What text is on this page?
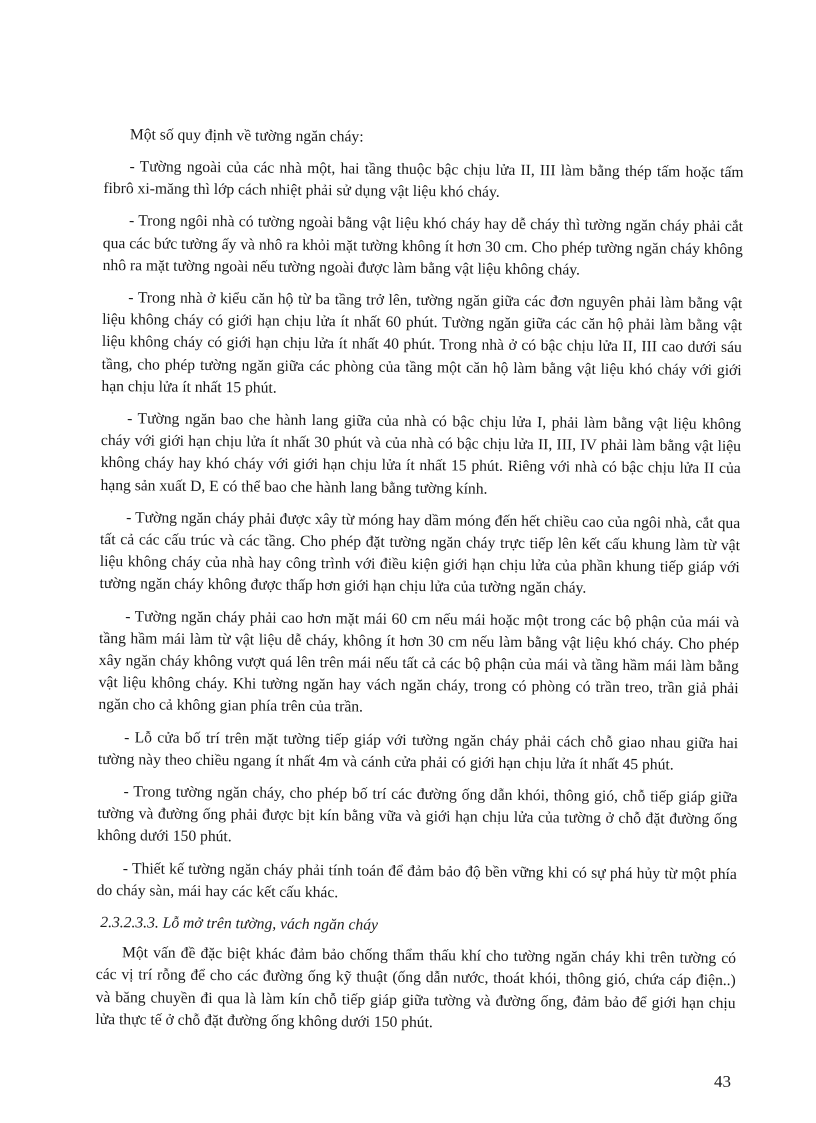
Một số quy định về tường ngăn cháy:

- Tường ngoài của các nhà một, hai tầng thuộc bậc chịu lửa II, III làm bằng thép tấm hoặc tấm fibrô xi-măng thì lớp cách nhiệt phải sử dụng vật liệu khó cháy.

- Trong ngôi nhà có tường ngoài bằng vật liệu khó cháy hay dễ cháy thì tường ngăn cháy phải cắt qua các bức tường ấy và nhô ra khỏi mặt tường không ít hơn 30 cm. Cho phép tường ngăn cháy không nhô ra mặt tường ngoài nếu tường ngoài được làm bằng vật liệu không cháy.

- Trong nhà ở kiểu căn hộ từ ba tầng trở lên, tường ngăn giữa các đơn nguyên phải làm bằng vật liệu không cháy có giới hạn chịu lửa ít nhất 60 phút. Tường ngăn giữa các căn hộ phải làm bằng vật liệu không cháy có giới hạn chịu lửa ít nhất 40 phút. Trong nhà ở có bậc chịu lửa II, III cao dưới sáu tầng, cho phép tường ngăn giữa các phòng của tầng một căn hộ làm bằng vật liệu khó cháy với giới hạn chịu lửa ít nhất 15 phút.

- Tường ngăn bao che hành lang giữa của nhà có bậc chịu lửa I, phải làm bằng vật liệu không cháy với giới hạn chịu lửa ít nhất 30 phút và của nhà có bậc chịu lửa II, III, IV phải làm bằng vật liệu không cháy hay khó cháy với giới hạn chịu lửa ít nhất 15 phút. Riêng với nhà có bậc chịu lửa II của hạng sản xuất D, E có thể bao che hành lang bằng tường kính.

- Tường ngăn cháy phải được xây từ móng hay dầm móng đến hết chiều cao của ngôi nhà, cắt qua tất cả các cấu trúc và các tầng. Cho phép đặt tường ngăn cháy trực tiếp lên kết cấu khung làm từ vật liệu không cháy của nhà hay công trình với điều kiện giới hạn chịu lửa của phần khung tiếp giáp với tường ngăn cháy không được thấp hơn giới hạn chịu lửa của tường ngăn cháy.

- Tường ngăn cháy phải cao hơn mặt mái 60 cm nếu mái hoặc một trong các bộ phận của mái và tầng hầm mái làm từ vật liệu dễ cháy, không ít hơn 30 cm nếu làm bằng vật liệu khó cháy. Cho phép xây ngăn cháy không vượt quá lên trên mái nếu tất cả các bộ phận của mái và tầng hầm mái làm bằng vật liệu không cháy. Khi tường ngăn hay vách ngăn cháy, trong có phòng có trần treo, trần giả phải ngăn cho cả không gian phía trên của trần.

- Lỗ cửa bố trí trên mặt tường tiếp giáp với tường ngăn cháy phải cách chỗ giao nhau giữa hai tường này theo chiều ngang ít nhất 4m và cánh cửa phải có giới hạn chịu lửa ít nhất 45 phút.

- Trong tường ngăn cháy, cho phép bố trí các đường ống dẫn khói, thông gió, chỗ tiếp giáp giữa tường và đường ống phải được bịt kín bằng vữa và giới hạn chịu lửa của tường ở chỗ đặt đường ống không dưới 150 phút.

- Thiết kế tường ngăn cháy phải tính toán để đảm bảo độ bền vững khi có sự phá hủy từ một phía do cháy sàn, mái hay các kết cấu khác.

2.3.2.3.3. Lỗ mở trên tường, vách ngăn cháy

Một vấn đề đặc biệt khác đảm bảo chống thẩm thấu khí cho tường ngăn cháy khi trên tường có các vị trí rỗng để cho các đường ống kỹ thuật (ống dẫn nước, thoát khói, thông gió, chứa cáp điện..) và băng chuyền đi qua là làm kín chỗ tiếp giáp giữa tường và đường ống, đảm bảo để giới hạn chịu lửa thực tế ở chỗ đặt đường ống không dưới 150 phút.

43
